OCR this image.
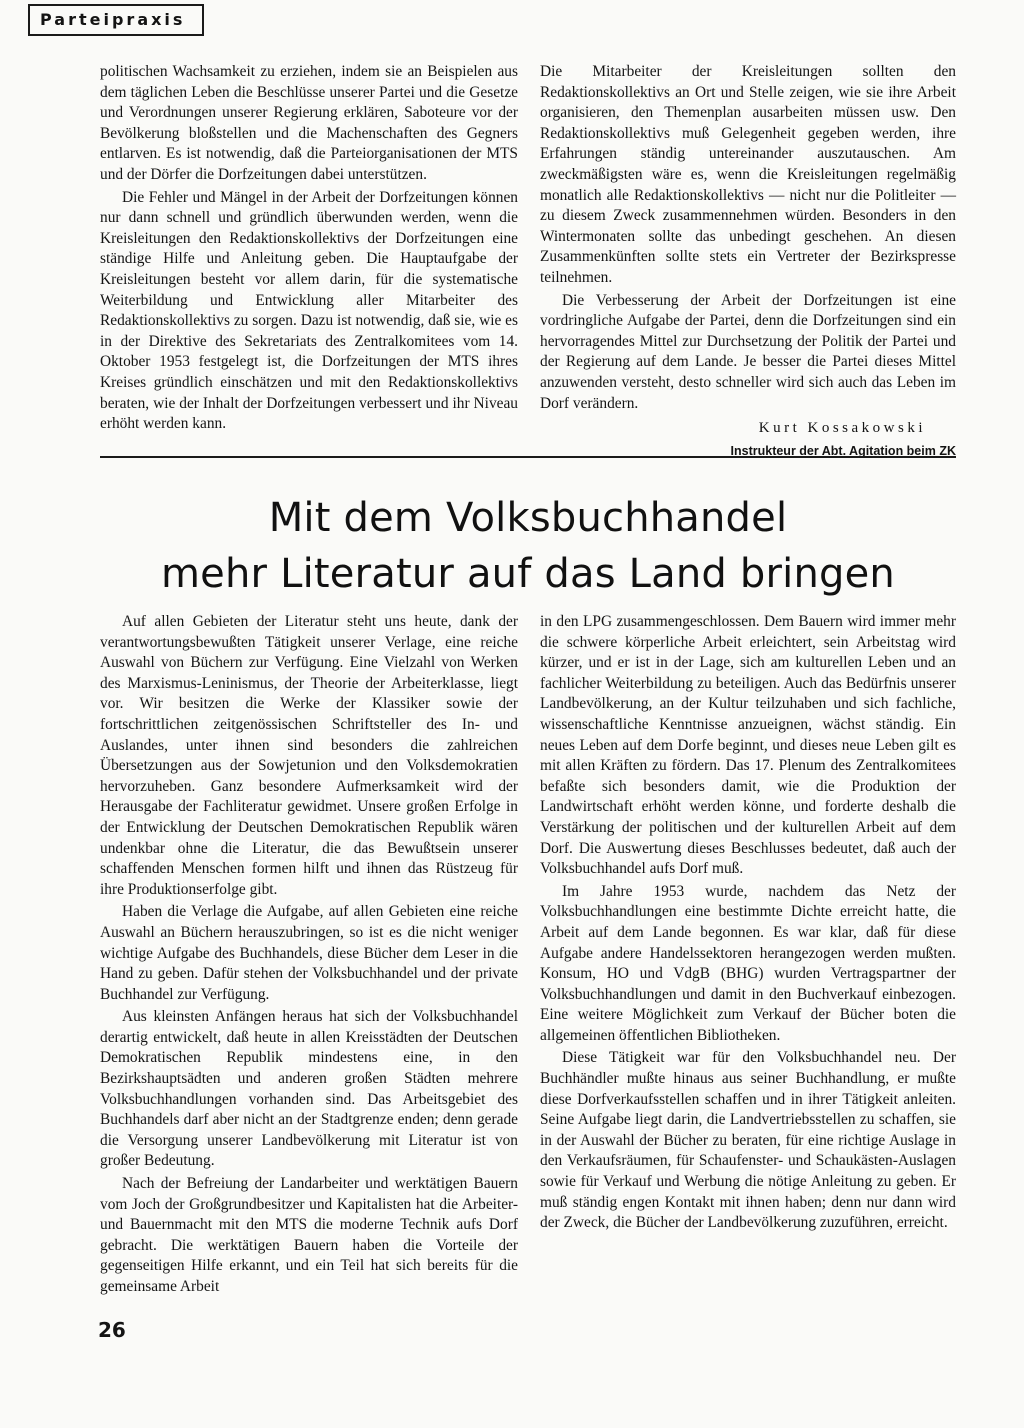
Parteipraxis

politischen Wachsamkeit zu erziehen, indem sie an Beispielen aus dem täglichen Leben die Beschlüsse unserer Partei und die Gesetze und Verordnungen unserer Regierung erklären, Saboteure vor der Bevölkerung bloßstellen und die Machenschaften des Gegners entlarven. Es ist notwendig, daß die Parteiorganisationen der MTS und der Dörfer die Dorfzeitungen dabei unterstützen.

Die Fehler und Mängel in der Arbeit der Dorfzeitungen können nur dann schnell und gründlich überwunden werden, wenn die Kreisleitungen den Redaktionskollektivs der Dorfzeitungen eine ständige Hilfe und Anleitung geben. Die Hauptaufgabe der Kreisleitungen besteht vor allem darin, für die systematische Weiterbildung und Entwicklung aller Mitarbeiter des Redaktionskollektivs zu sorgen. Dazu ist notwendig, daß sie, wie es in der Direktive des Sekretariats des Zentralkomitees vom 14. Oktober 1953 festgelegt ist, die Dorfzeitungen der MTS ihres Kreises gründlich einschätzen und mit den Redaktionskollektivs beraten, wie der Inhalt der Dorfzeitungen verbessert und ihr Niveau erhöht werden kann.

Die Mitarbeiter der Kreisleitungen sollten den Redaktionskollektivs an Ort und Stelle zeigen, wie sie ihre Arbeit organisieren, den Themenplan ausarbeiten müssen usw. Den Redaktionskollektivs muß Gelegenheit gegeben werden, ihre Erfahrungen ständig untereinander auszutauschen. Am zweckmäßigsten wäre es, wenn die Kreisleitungen regelmäßig monatlich alle Redaktionskollektivs — nicht nur die Politleiter — zu diesem Zweck zusammennehmen würden. Besonders in den Wintermonaten sollte das unbedingt geschehen. An diesen Zusammenkünften sollte stets ein Vertreter der Bezirkspresse teilnehmen.

Die Verbesserung der Arbeit der Dorfzeitungen ist eine vordringliche Aufgabe der Partei, denn die Dorfzeitungen sind ein hervorragendes Mittel zur Durchsetzung der Politik der Partei und der Regierung auf dem Lande. Je besser die Partei dieses Mittel anzuwenden versteht, desto schneller wird sich auch das Leben im Dorf verändern.

Kurt Kossakowski
Instrukteur der Abt. Agitation beim ZK
Mit dem Volksbuchhandel
mehr Literatur auf das Land bringen

Auf allen Gebieten der Literatur steht uns heute, dank der verantwortungsbewußten Tätigkeit unserer Verlage, eine reiche Auswahl von Büchern zur Verfügung. Eine Vielzahl von Werken des Marxismus-Leninismus, der Theorie der Arbeiterklasse, liegt vor. Wir besitzen die Werke der Klassiker sowie der fortschrittlichen zeitgenössischen Schriftsteller des In- und Auslandes, unter ihnen sind besonders die zahlreichen Übersetzungen aus der Sowjetunion und den Volksdemokratien hervorzuheben. Ganz besondere Aufmerksamkeit wird der Herausgabe der Fachliteratur gewidmet. Unsere großen Erfolge in der Entwicklung der Deutschen Demokratischen Republik wären undenkbar ohne die Literatur, die das Bewußtsein unserer schaffenden Menschen formen hilft und ihnen das Rüstzeug für ihre Produktionserfolge gibt.

Haben die Verlage die Aufgabe, auf allen Gebieten eine reiche Auswahl an Büchern herauszubringen, so ist es die nicht weniger wichtige Aufgabe des Buchhandels, diese Bücher dem Leser in die Hand zu geben. Dafür stehen der Volksbuchhandel und der private Buchhandel zur Verfügung.

Aus kleinsten Anfängen heraus hat sich der Volksbuchhandel derartig entwickelt, daß heute in allen Kreisstädten der Deutschen Demokratischen Republik mindestens eine, in den Bezirkshauptsädten und anderen großen Städten mehrere Volksbuchhandlungen vorhanden sind. Das Arbeitsgebiet des Buchhandels darf aber nicht an der Stadtgrenze enden; denn gerade die Versorgung unserer Landbevölkerung mit Literatur ist von großer Bedeutung.

Nach der Befreiung der Landarbeiter und werktätigen Bauern vom Joch der Großgrundbesitzer und Kapitalisten hat die Arbeiter- und Bauernmacht mit den MTS die moderne Technik aufs Dorf gebracht. Die werktätigen Bauern haben die Vorteile der gegenseitigen Hilfe erkannt, und ein Teil hat sich bereits für die gemeinsame Arbeit

in den LPG zusammengeschlossen. Dem Bauern wird immer mehr die schwere körperliche Arbeit erleichtert, sein Arbeitstag wird kürzer, und er ist in der Lage, sich am kulturellen Leben und an fachlicher Weiterbildung zu beteiligen. Auch das Bedürfnis unserer Landbevölkerung, an der Kultur teilzuhaben und sich fachliche, wissenschaftliche Kenntnisse anzueignen, wächst ständig. Ein neues Leben auf dem Dorfe beginnt, und dieses neue Leben gilt es mit allen Kräften zu fördern. Das 17. Plenum des Zentralkomitees befaßte sich besonders damit, wie die Produktion der Landwirtschaft erhöht werden könne, und forderte deshalb die Verstärkung der politischen und der kulturellen Arbeit auf dem Dorf. Die Auswertung dieses Beschlusses bedeutet, daß auch der Volksbuchhandel aufs Dorf muß.

Im Jahre 1953 wurde, nachdem das Netz der Volksbuchhandlungen eine bestimmte Dichte erreicht hatte, die Arbeit auf dem Lande begonnen. Es war klar, daß für diese Aufgabe andere Handelssektoren herangezogen werden mußten. Konsum, HO und VdgB (BHG) wurden Vertragspartner der Volksbuchhandlungen und damit in den Buchverkauf einbezogen. Eine weitere Möglichkeit zum Verkauf der Bücher boten die allgemeinen öffentlichen Bibliotheken.

Diese Tätigkeit war für den Volksbuchhandel neu. Der Buchhändler mußte hinaus aus seiner Buchhandlung, er mußte diese Dorfverkaufsstellen schaffen und in ihrer Tätigkeit anleiten. Seine Aufgabe liegt darin, die Landvertriebsstellen zu schaffen, sie in der Auswahl der Bücher zu beraten, für eine richtige Auslage in den Verkaufsräumen, für Schaufenster- und Schaukästen-Auslagen sowie für Verkauf und Werbung die nötige Anleitung zu geben. Er muß ständig engen Kontakt mit ihnen haben; denn nur dann wird der Zweck, die Bücher der Landbevölkerung zuzuführen, erreicht.

26
